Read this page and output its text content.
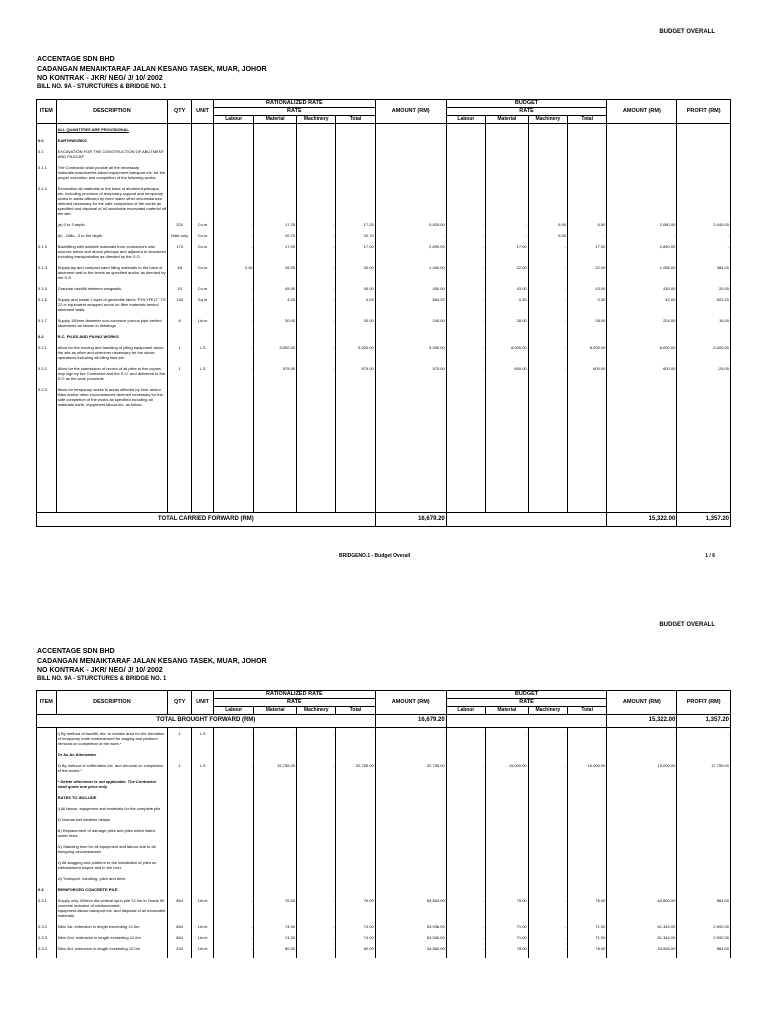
BUDGET OVERALL
ACCENTAGE SDN BHD
CADANGAN MENAIKTARAF JALAN KESANG TASEK, MUAR, JOHOR
NO KONTRAK - JKR/ NEG/ J/ 10/ 2002
BILL NO. 9A - STURCTURES & BRIDGE NO. 1
ITEM	DESCRIPTION	QTY	UNIT	RATIONALIZED RATE				AMOUNT (RM)	BUDGET				AMOUNT (RM)	PROFIT (RM)
				RATE					RATE					
				Labour	Material	Machinery	Total		Labour	Material	Machinery	Total		
	ALL QUANTITIES ARE PROVISIONAL													
0.0	EARTHWORKS													
0.1	EXCAVATION FOR THE CONSTRUCTION OF ABUTMENT AND PILECAP													
0.1.1	The Contractor shall provide all the necessary materials,machineries,labour,equipment,transport etc. for the proper execution and completion of the following works:													
0.1.2	Excavation all materials to the base of abutment,pilecaps, etc. including provision of temporary support and temporary works in areas affected by river/ water other circumstances deemed necessary for the safe completion of the works as specified and disposal of all unsuitable excavated material off the site.													
	(a) 0 to 3 depth	320	Cu.m	-	17.25	-	17.25	5,520.00	-	-	6.50	6.50	2,080.00	3,440.00
	(b) - Ditto - 3 to 5m depth	Rate only	Cu.m	-	20.70	-	20.70	-	-	-	6.50	-	-	-
0.1.3	Backfilling with suitable materials from contractor's own sources below and above pilecaps and adjacent to structures including transportation as directed by the S.O	170	Cu.m	-	17.00	-	17.00	2,890.00	-	17.00	-	17.00	2,890.00	-
0.1.4	Supply,lay and compact sand filling materials to the back of abutment wall to the levels as specified and/or as directed by the S.O	48	Cu.m	3.10	26.90	-	30.00	1,440.00	-	22.00	-	22.00	1,056.00	384.00
0.1.5	Granular backfill between wingwalls.	10	Cu.m	-	45.00	-	45.00	450.00	-	43.00	-	43.00	430.00	20.00
0.1.6	Supply and install 1 layer of geotextile fabric "POLYFELT" TS 22 or equivalent wrapped round on filter materials behind abutment walls.	140	Sq.m	-	4.03	-	4.03	564.20	-	0.30	-	0.30	42.00	522.20
0.1.7	Supply 150mm diameter non-corrosive porous pipe behind abutments as shown in drawings	8	Lin.m	-	30.00	-	30.00	240.00	-	28.00	-	28.00	224.00	16.00
0.2	R.C. PILES AND PILING WORKS													
0.2.1	Allow for the moving and handling of piling equipment about the site as often and wherever necessary for the whole operations including all idling time,etc.	1	L.S	-	5,000.00	-	5,000.00	5,000.00	-	8,000.00	-	8,000.00	8,000.00	-3,000.00
0.2.2	Allow for the submission of record of all piles in five copies duly sign by the Contractor and the S.O. and delivered to the S.O as the work proceeds	1	L.S	-	575.00	-	575.00	575.00	-	600.00	-	600.00	600.00	-25.00
0.2.3	Allow for temporary works in areas affected by river and/or tides and/or other circumstances deemed necessary for the safe completion of the works as specified,including all materials earth, equipment,labour,etc. as follow:													

TOTAL CARRIED FORWARD (RM)	16,679.20		15,322.00	1,357.20
BRIDGENO.1 - Budget Overall	1 / 6
BUDGET OVERALL
ACCENTAGE SDN BHD
CADANGAN MENAIKTARAF JALAN KESANG TASEK, MUAR, JOHOR
NO KONTRAK - JKR/ NEG/ J/ 10/ 2002
BILL NO. 9A - STURCTURES & BRIDGE NO. 1
ITEM	DESCRIPTION	QTY	UNIT	RATIONALIZED RATE				AMOUNT (RM)	BUDGET				AMOUNT (RM)	PROFIT (RM)
				RATE					RATE					
				Labour	Material	Machinery	Total		Labour	Material	Machinery	Total		
TOTAL BROUGHT FORWARD (RM)								16,679.20					15,322.00	1,357.20
	i) By method of backfill, etc. to reclaim area for the formation of temporary earth embankment for staging and platform removal on completion of the work.*	1	L.S	-	-	-	-	-	-	-	-	-	-	-
	Or As An Alternative													
	ii) By method of cofferdams etc. and removal on completion of the works.*	1	L.S	-	32,755.00	-	32,755.00	32,755.00	-	15,000.00	-	15,000.00	15,000.00	17,755.00
	* Delete whichever is not applicable. The Contractor shall quote one price only.													
	RATES TO INCLUDE													
	i) All labour, equipment and materials for the complete pile													
	ii) Normal wet weather delays													
	iii) Replacement of damage piles and piles which failed under tests													
	iv) Standing time for all equipment and labour due to all foregoing circumstances													
	v) All stagging and platform to the installation of piles on embankment,slopes and in the river.													
	vi) Transport, handling, pitch and drive													
0.3	REINFORCED CONCRETE PILE													
0.3.1	Supply only 400mm dia vertical spun pile 12.0m in Grade 50 concrete inclusive of reinforcement, equipment,labour,transport,etc. and disposal of all excavated materials.	864	Lin.m	-	76.00	-	76.00	65,664.00	-	75.00	-	75.00	64,800.00	864.00
0.3.2	Ditto 1st. extension in length exceeding 12.0m	864	Lin.m	-	74.00	-	74.00	63,936.00	-	71.00	-	71.00	61,344.00	2,592.00
0.3.3	Ditto 2nd. extension in length exceeding 12.0m	864	Lin.m	-	74.00	-	74.00	63,936.00	-	71.00	-	71.00	61,344.00	2,592.00
0.3.4	Ditto 3rd. extension in length exceeding 12.0m	432	Lin.m	-	80.00	-	80.00	34,560.00	-	78.00	-	78.00	33,696.00	864.00
